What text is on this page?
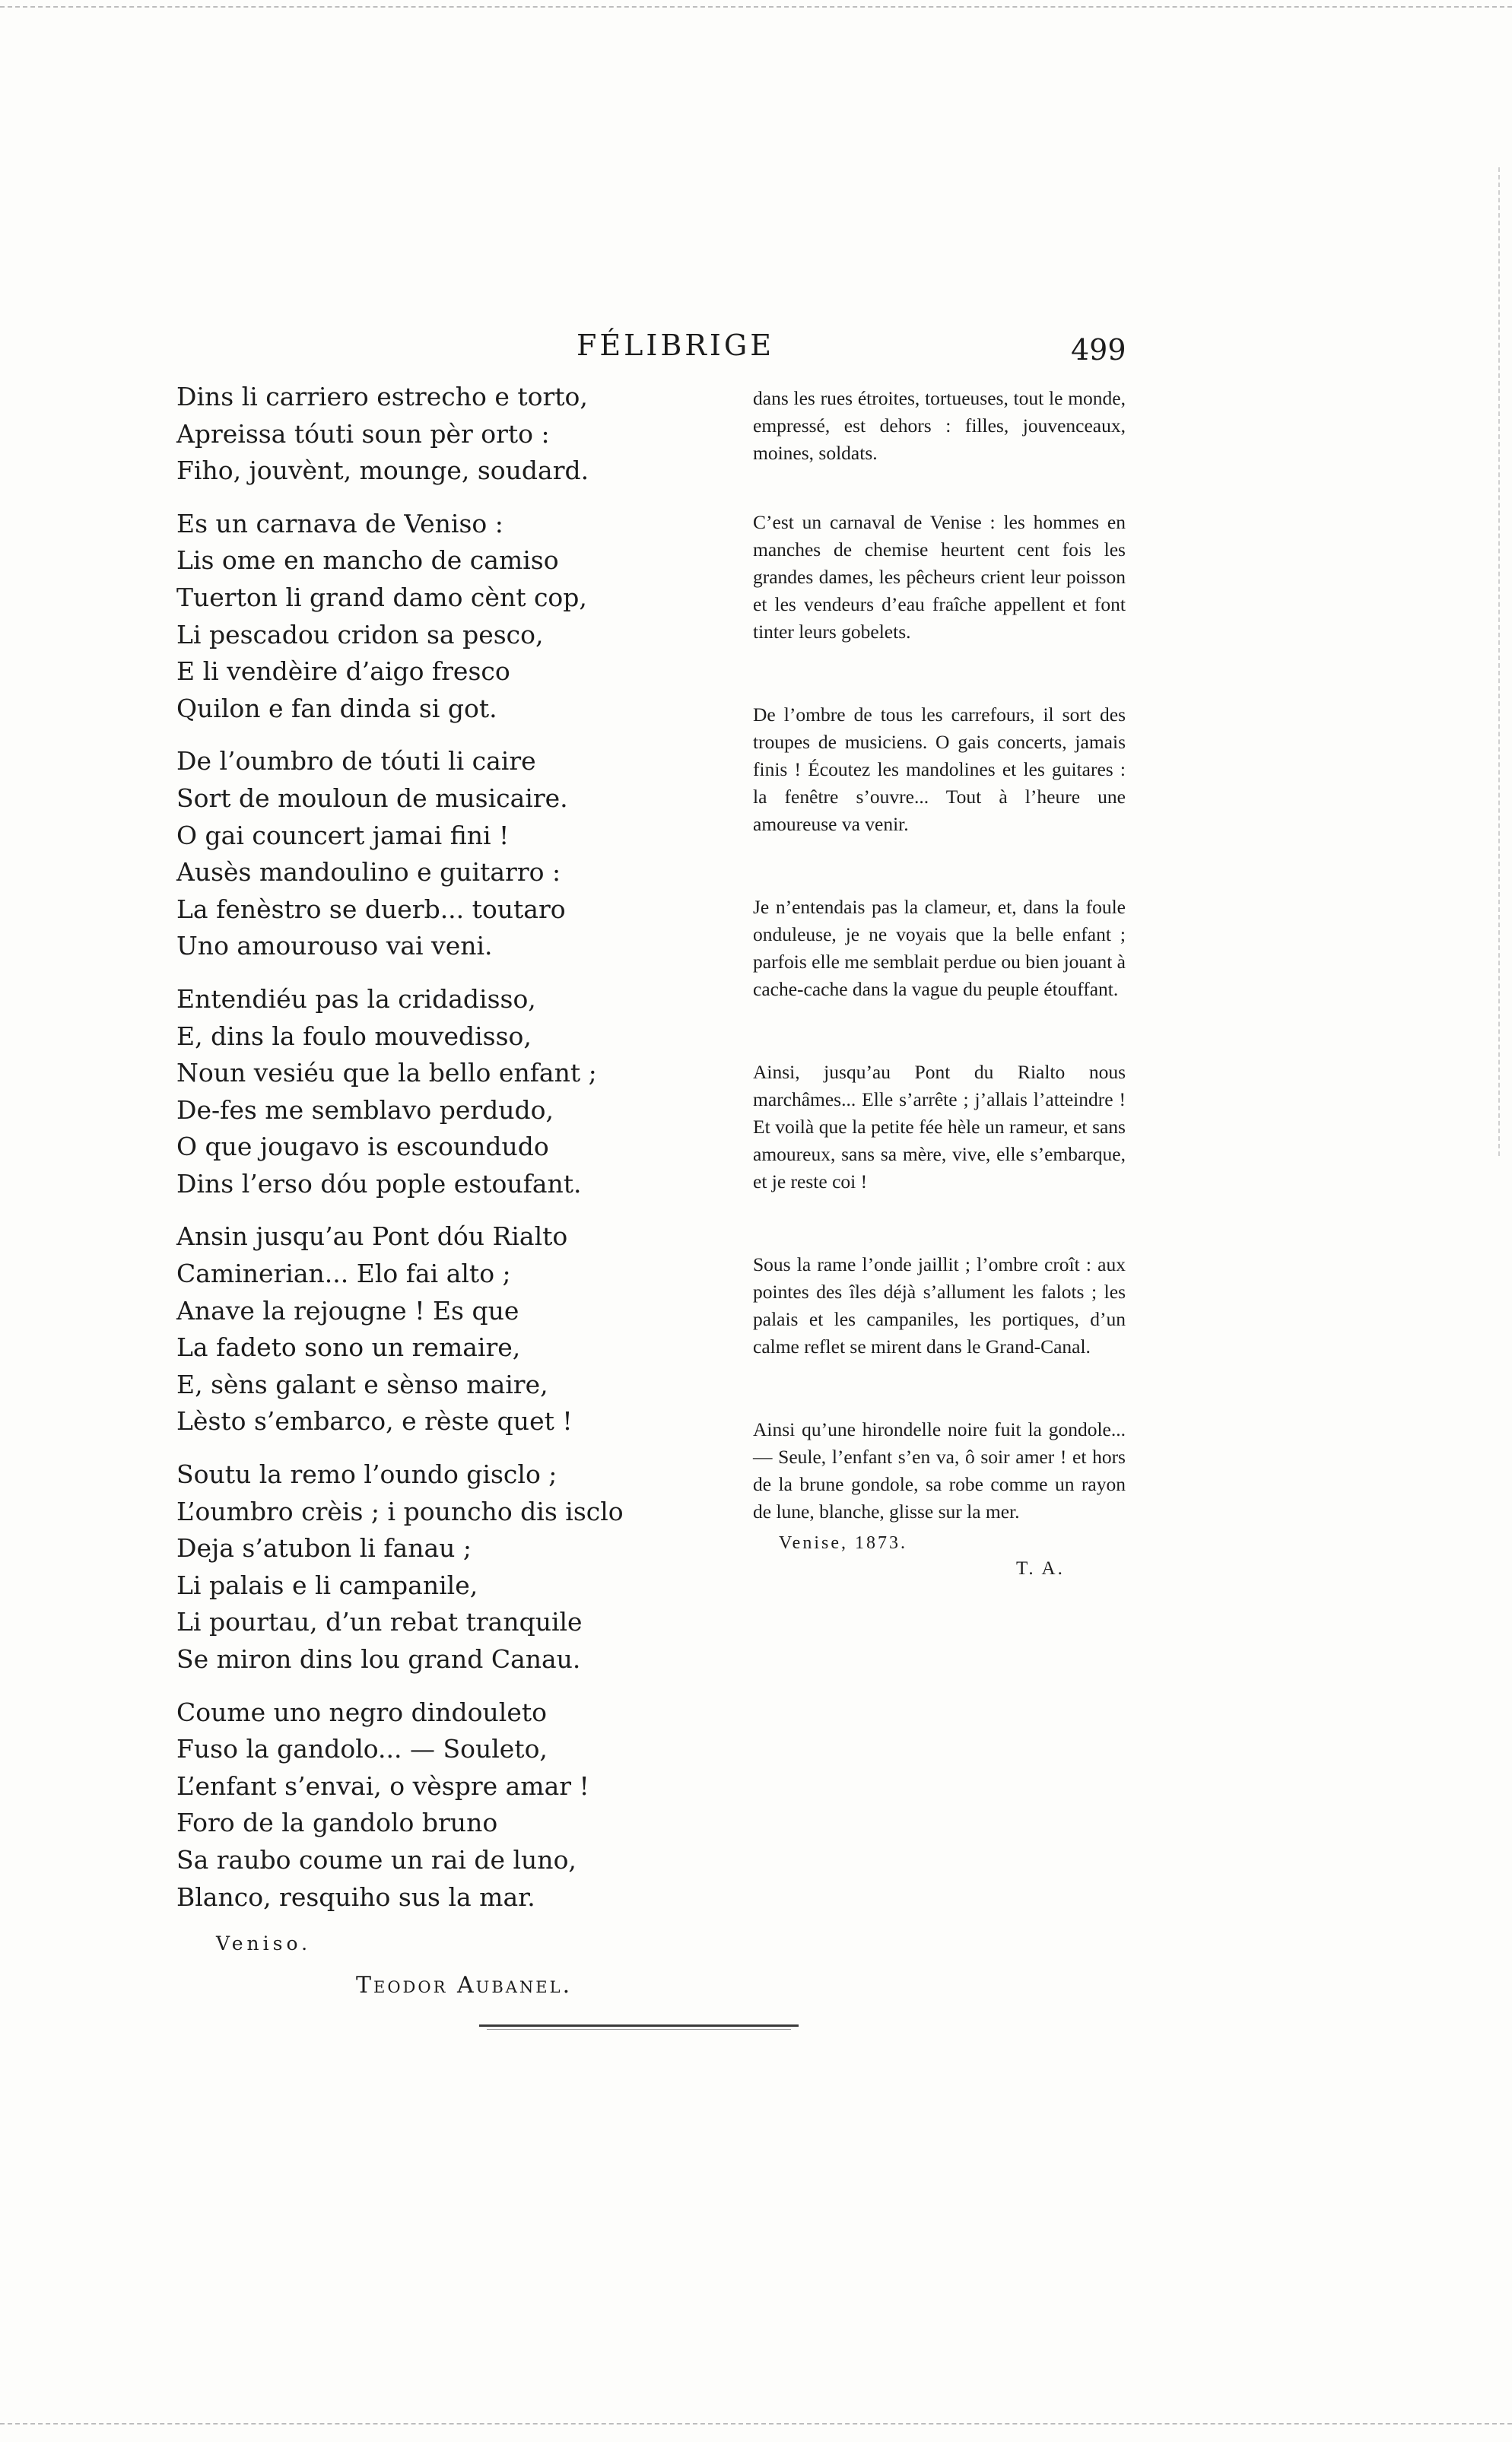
FÉLIBRIGE	499
Dins li carriero estrecho e torto,
Apreissa tóuti soun pèr orto :
Fiho, jouvènt, mounge, soudard.
Es un carnava de Veniso :
Lis ome en mancho de camiso
Tuerton li grand damo cènt cop,
Li pescadou cridon sa pesco,
E li vendèire d’aigo fresco
Quilon e fan dinda si got.
De l’oumbro de tóuti li caire
Sort de mouloun de musicaire.
O gai councert jamai fini !
Ausès mandoulino e guitarro :
La fenèstro se duerb... toutaro
Uno amourouso vai veni.
Entendiéu pas la cridadisso,
E, dins la foulo mouvedisso,
Noun vesiéu que la bello enfant ;
De-fes me semblavo perdudo,
O que jougavo is escoundudo
Dins l’erso dóu pople estoufant.
Ansin jusqu’au Pont dóu Rialto
Caminerian... Elo fai alto ;
Anave la rejougne ! Es que
La fadeto sono un remaire,
E, sèns galant e sènso maire,
Lèsto s’embarco, e rèste quet !
Soutu la remo l’oundo gisclo ;
L’oumbro crèis ; i pouncho dis isclo
Deja s’atubon li fanau ;
Li palais e li campanile,
Li pourtau, d’un rebat tranquile
Se miron dins lou grand Canau.
Coume uno negro dindouleto
Fuso la gandolo... — Souleto,
L’enfant s’envai, o vèspre amar !
Foro de la gandolo bruno
Sa raubo coume un rai de luno,
Blanco, resquiho sus la mar.
Veniso.
Teodor Aubanel.
dans les rues étroites, tortueuses, tout le monde, empressé, est dehors : filles, jouvenceaux, moines, soldats.
C’est un carnaval de Venise : les hommes en manches de chemise heurtent cent fois les grandes dames, les pêcheurs crient leur poisson et les vendeurs d’eau fraîche appellent et font tinter leurs gobelets.
De l’ombre de tous les carrefours, il sort des troupes de musiciens. O gais concerts, jamais finis ! Écoutez les mandolines et les guitares : la fenêtre s’ouvre... Tout à l’heure une amoureuse va venir.
Je n’entendais pas la clameur, et, dans la foule onduleuse, je ne voyais que la belle enfant ; parfois elle me semblait perdue ou bien jouant à cache-cache dans la vague du peuple étouffant.
Ainsi, jusqu’au Pont du Rialto nous marchâmes... Elle s’arrête ; j’allais l’atteindre ! Et voilà que la petite fée hèle un rameur, et sans amoureux, sans sa mère, vive, elle s’embarque, et je reste coi !
Sous la rame l’onde jaillit ; l’ombre croît : aux pointes des îles déjà s’allument les falots ; les palais et les campaniles, les portiques, d’un calme reflet se mirent dans le Grand-Canal.
Ainsi qu’une hirondelle noire fuit la gondole... — Seule, l’enfant s’en va, ô soir amer ! et hors de la brune gondole, sa robe comme un rayon de lune, blanche, glisse sur la mer.
Venise, 1873.
T. A.
